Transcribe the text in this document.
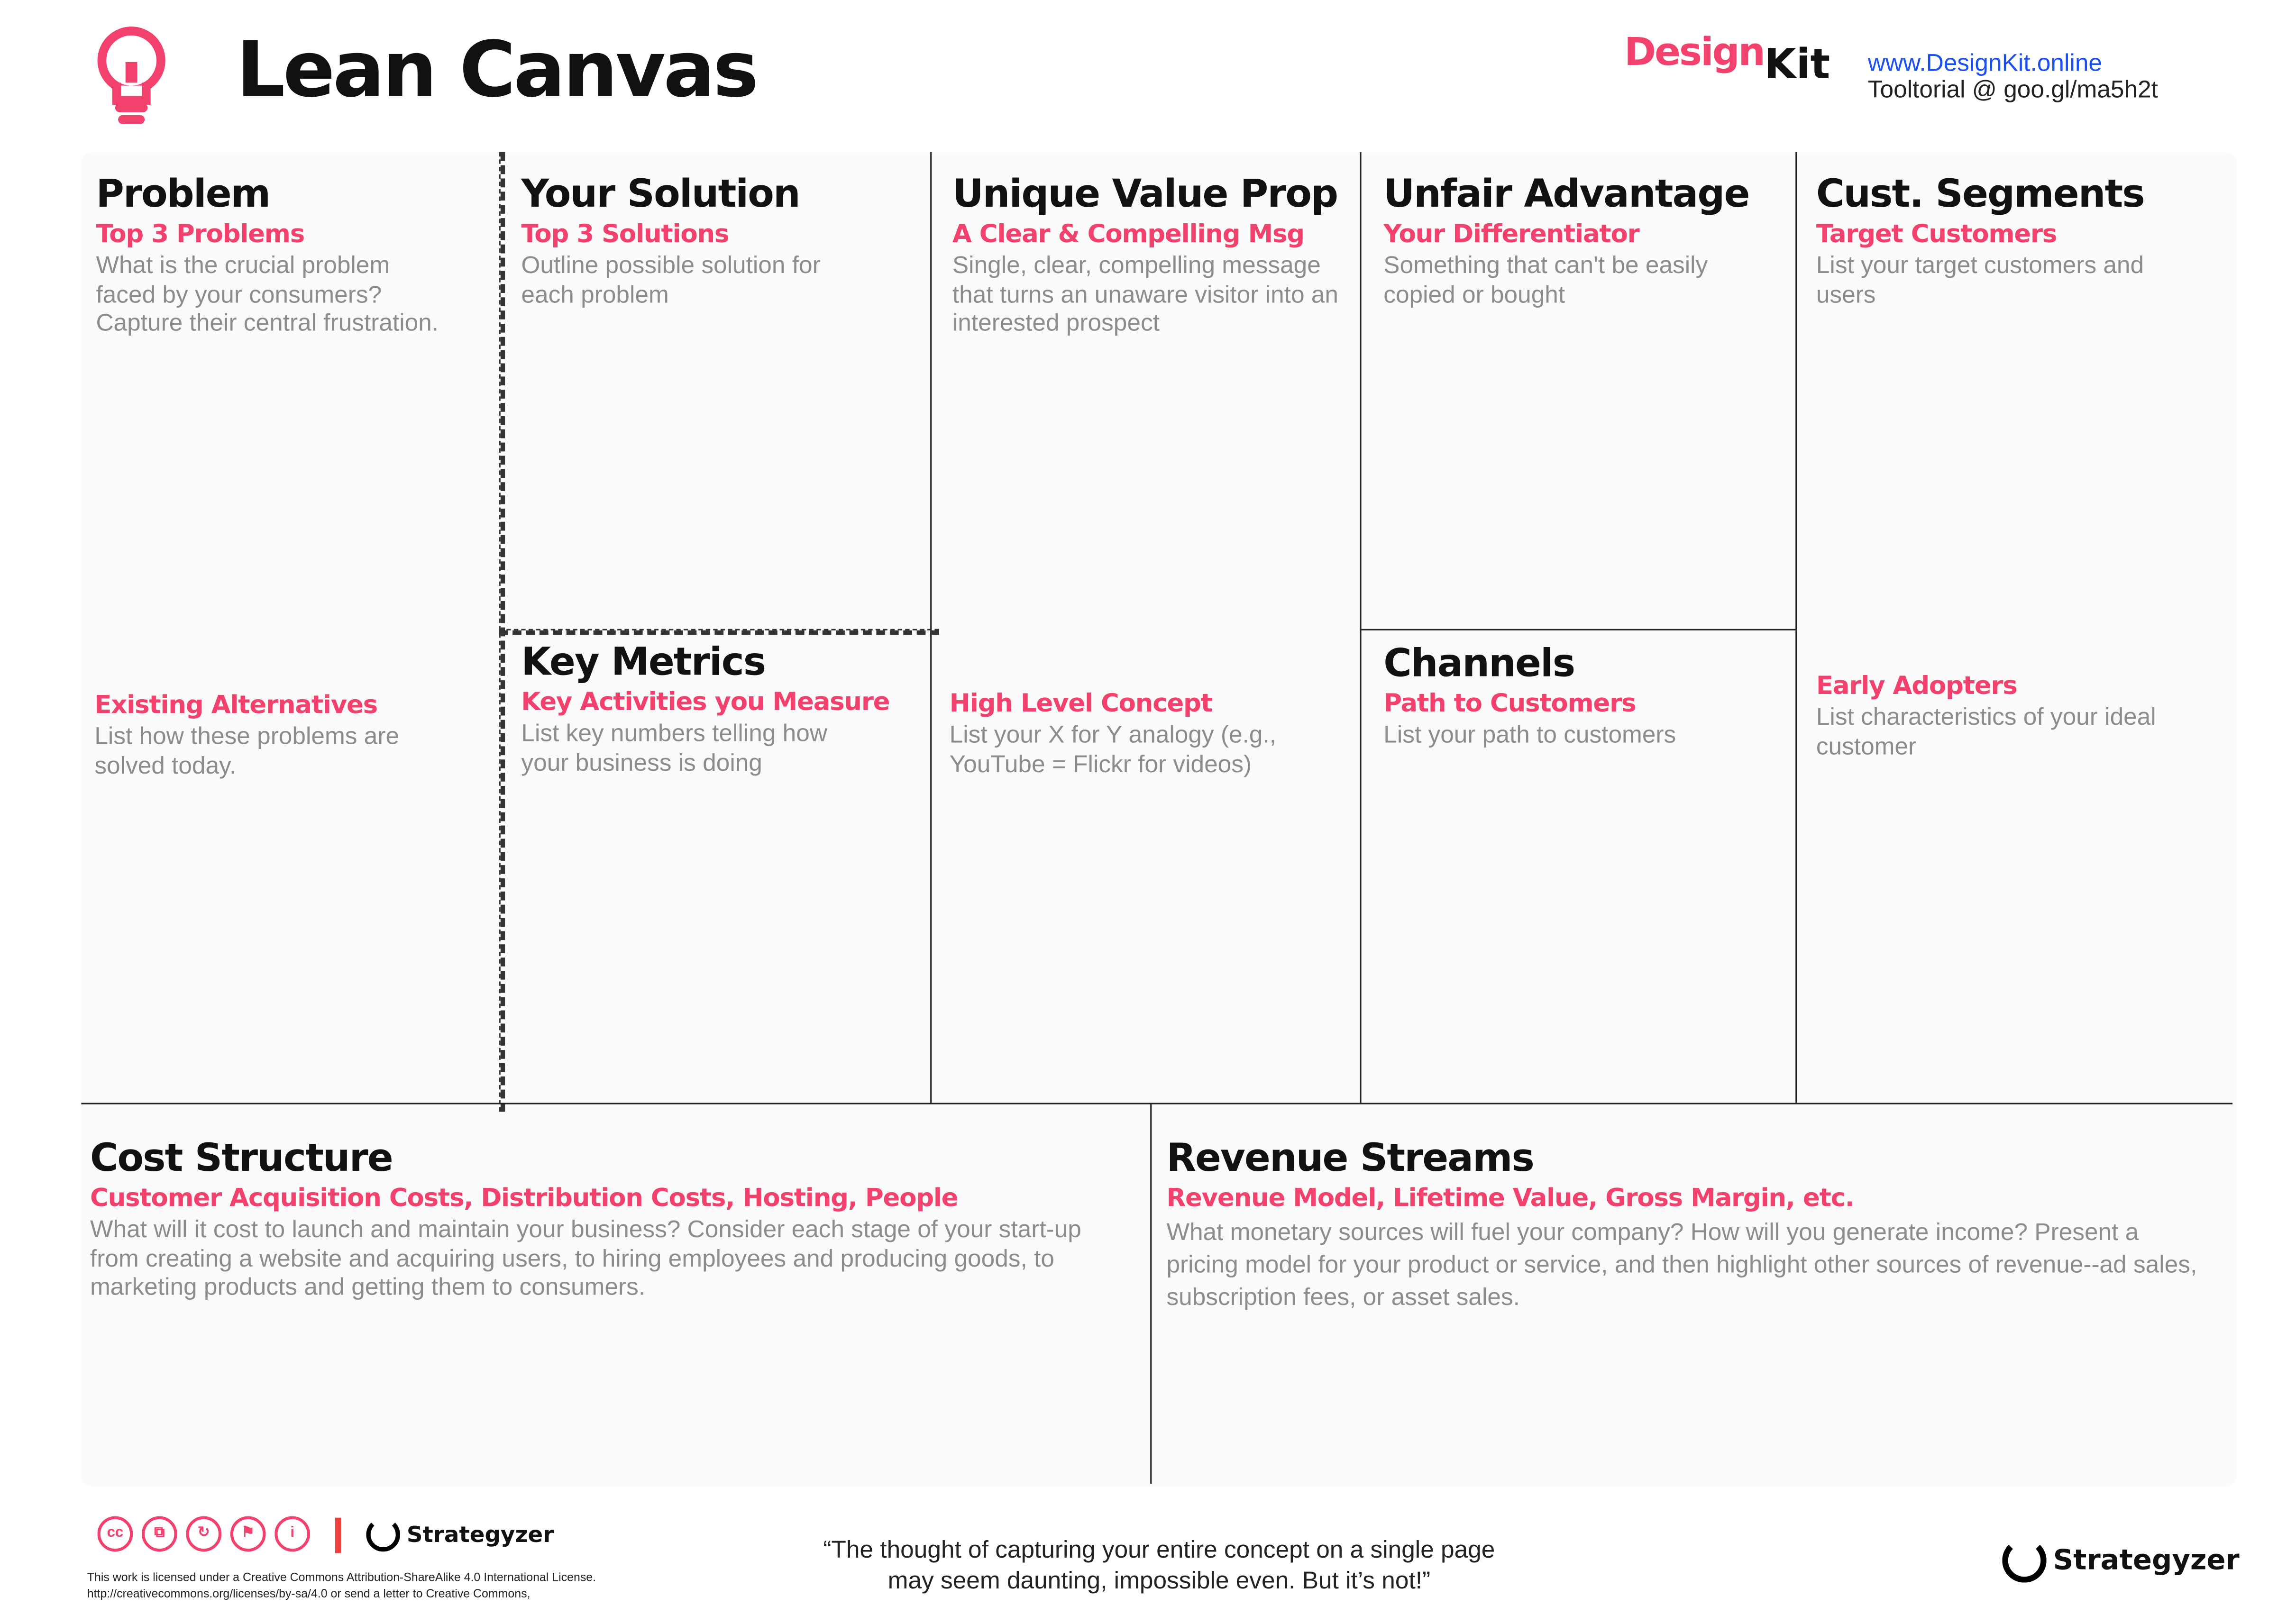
Lean Canvas	DesignKit	www.DesignKit.online
Tooltorial @ goo.gl/ma5h2t
Problem
Top 3 Problems
What is the crucial problem faced by your consumers? Capture their central frustration.
Existing Alternatives
List how these problems are solved today.
Your Solution
Top 3 Solutions
Outline possible solution for each problem
Key Metrics
Key Activities you Measure
List key numbers telling how your business is doing
Unique Value Prop
A Clear & Compelling Msg
Single, clear, compelling message that turns an unaware visitor into an interested prospect
High Level Concept
List your X for Y analogy (e.g., YouTube = Flickr for videos)
Unfair Advantage
Your Differentiator
Something that can't be easily copied or bought
Channels
Path to Customers
List your path to customers
Cust. Segments
Target Customers
List your target customers and users
Early Adopters
List characteristics of your ideal customer
Cost Structure
Customer Acquisition Costs, Distribution Costs, Hosting, People
What will it cost to launch and maintain your business? Consider each stage of your start-up from creating a website and acquiring users, to hiring employees and producing goods, to marketing products and getting them to consumers.
Revenue Streams
Revenue Model, Lifetime Value, Gross Margin, etc.
What monetary sources will fuel your company? How will you generate income? Present a pricing model for your product or service, and then highlight other sources of revenue--ad sales, subscription fees, or asset sales.
cc	⧉	↻	⚑	i	Strategyzer
This work is licensed under a Creative Commons Attribution-ShareAlike 4.0 International License.
http://creativecommons.org/licenses/by-sa/4.0 or send a letter to Creative Commons,
“The thought of capturing your entire concept on a single page may seem daunting, impossible even. But it’s not!”
Strategyzer
